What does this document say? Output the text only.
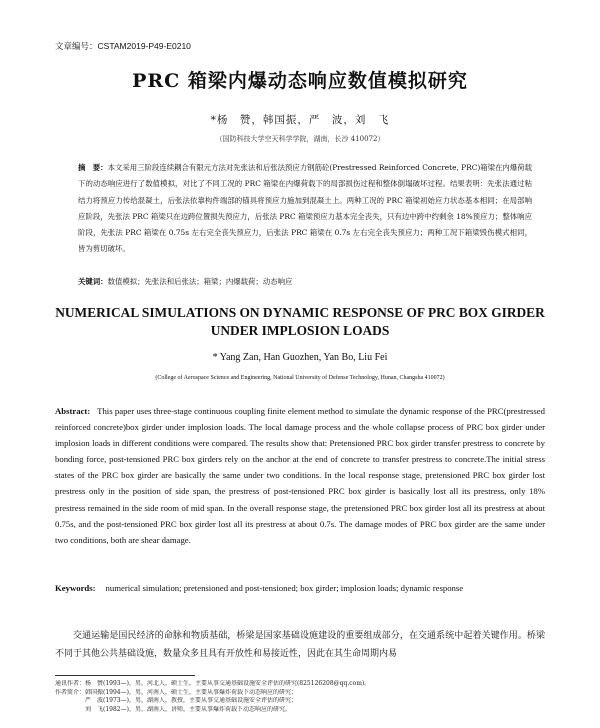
文章编号：CSTAM2019-P49-E0210
PRC 箱梁内爆动态响应数值模拟研究
*杨　赞，韩国振，严　波，刘　飞
（国防科技大学空天科学学院，湖南，长沙 410072）
摘　要：本文采用三阶段连续耦合有限元方法对先张法和后张法预应力钢筋砼(Prestressed Reinforced Concrete, PRC)箱梁在内爆荷载下的动态响应进行了数值模拟，对比了不同工况的 PRC 箱梁在内爆荷载下的局部损伤过程和整体倒塌破坏过程。结果表明：先张法通过粘结力将预应力传给混凝土，后张法依靠构件端部的锚具将预应力施加到混凝土上。两种工况的 PRC 箱梁初始应力状态基本相同；在局部响应阶段，先张法 PRC 箱梁只在边跨位置损失预应力，后张法 PRC 箱梁预应力基本完全丧失，只有边中跨中约剩余 18%预应力；整体响应阶段，先张法 PRC 箱梁在 0.75s 左右完全丧失预应力，后张法 PRC 箱梁在 0.7s 左右完全丧失预应力；两种工况下箱梁毁伤模式相同，皆为剪切破坏。
关键词：数值模拟；先张法和后张法；箱梁；内爆载荷；动态响应
NUMERICAL SIMULATIONS ON DYNAMIC RESPONSE OF PRC BOX GIRDER UNDER IMPLOSION LOADS
* Yang Zan, Han Guozhen, Yan Bo, Liu Fei
(College of Aerospace Science and Engineering, National University of Defense Technology, Hunan, Changsha 410072)
Abstract: This paper uses three-stage continuous coupling finite element method to simulate the dynamic response of the PRC(prestressed reinforced concrete)box girder under implosion loads. The local damage process and the whole collapse process of PRC box girder under implosion loads in different conditions were compared. The results show that: Pretensioned PRC box girder transfer prestress to concrete by bonding force, post-tensioned PRC box girders rely on the anchor at the end of concrete to transfer prestress to concrete.The initial stress states of the PRC box girder are basically the same under two conditions. In the local response stage, pretensioned PRC box girder lost prestress only in the position of side span, the prestress of post-tensioned PRC box girder is basically lost all its prestress, only 18% prestress remained in the side room of mid span. In the overall response stage, the pretensioned PRC box girder lost all its prestress at about 0.75s, and the post-tensioned PRC box girder lost all its prestress at about 0.7s. The damage modes of PRC box girder are the same under two conditions, both are shear damage.
Keywords: numerical simulation; pretensioned and post-tensioned; box girder; implosion loads; dynamic response
交通运输是国民经济的命脉和物质基础，桥梁是国家基础设施建设的重要组成部分，在交通系统中起着关键作用。桥梁不同于其他公共基础设施，数量众多且具有开放性和易接近性，因此在其生命周期内易
通讯作者：杨　赞(1993—)，男，河北人，硕士生，主要从事交通基础设施安全评估的研究(825126208@qq.com)。
作者简介：韩国振(1994—)，男，河南人，硕士生，主要从事爆炸荷载下动态响应的研究；
　　　　　严　波(1973—)，男，湖南人，教授，主要从事交通基础设施安全评估的研究；
　　　　　刘　飞(1982—)，男，湖南人，讲师，主要从事爆炸荷载下动态响应的研究。
